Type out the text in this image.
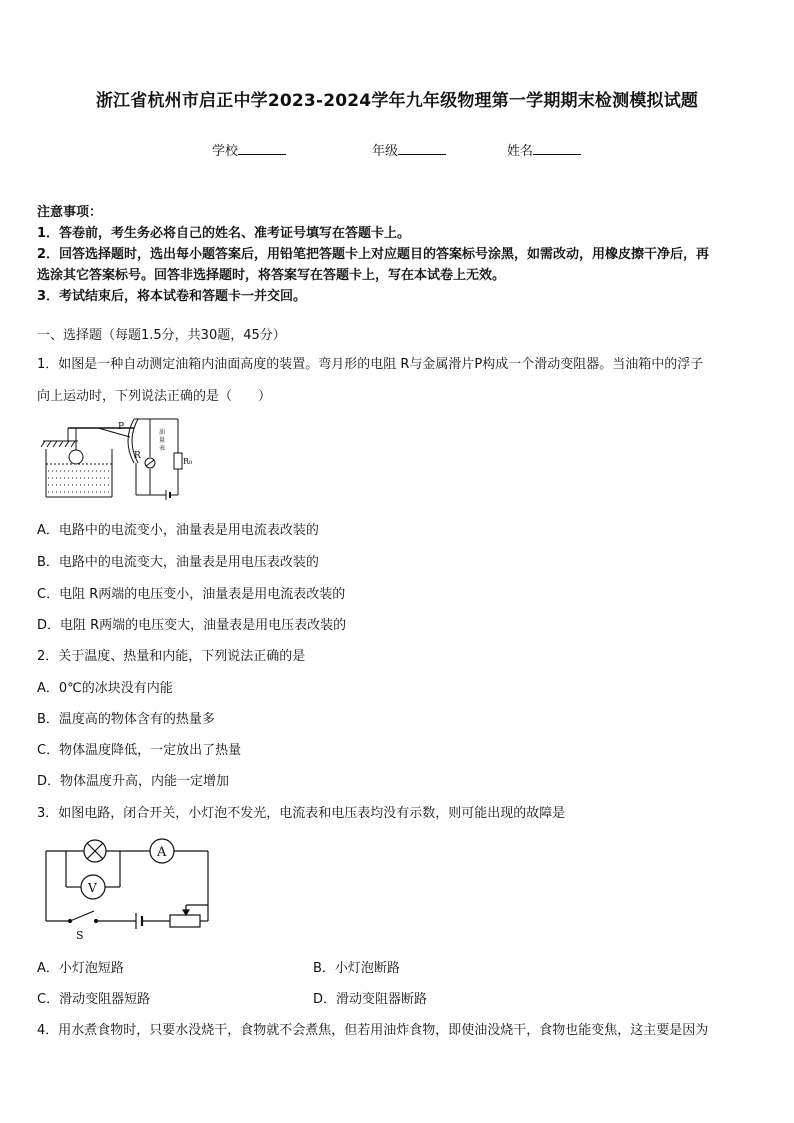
浙江省杭州市启正中学2023-2024学年九年级物理第一学期期末检测模拟试题
学校	年级	姓名
注意事项：
1．答卷前，考生务必将自己的姓名、准考证号填写在答题卡上。
2．回答选择题时，选出每小题答案后，用铅笔把答题卡上对应题目的答案标号涂黑，如需改动，用橡皮擦干净后，再
选涂其它答案标号。回答非选择题时，将答案写在答题卡上，写在本试卷上无效。
3．考试结束后，将本试卷和答题卡一并交回。
一、选择题（每题1.5分，共30题，45分）
1．如图是一种自动测定油箱内油面高度的装置。弯月形的电阻 R与金属滑片P构成一个滑动变阻器。当油箱中的浮子
向上运动时，下列说法正确的是（　　）
P
R
R₀
油
量
表
A．电路中的电流变小，油量表是用电流表改装的
B．电路中的电流变大，油量表是用电压表改装的
C．电阻 R两端的电压变小，油量表是用电流表改装的
D．电阻 R两端的电压变大，油量表是用电压表改装的
2．关于温度、热量和内能，下列说法正确的是
A．0℃的冰块没有内能
B．温度高的物体含有的热量多
C．物体温度降低，一定放出了热量
D．物体温度升高，内能一定增加
3．如图电路，闭合开关，小灯泡不发光，电流表和电压表均没有示数，则可能出现的故障是
A
V
S
A．小灯泡短路	B．小灯泡断路
C．滑动变阻器短路	D．滑动变阻器断路
4．用水煮食物时，只要水没烧干，食物就不会煮焦，但若用油炸食物，即使油没烧干，食物也能变焦，这主要是因为
